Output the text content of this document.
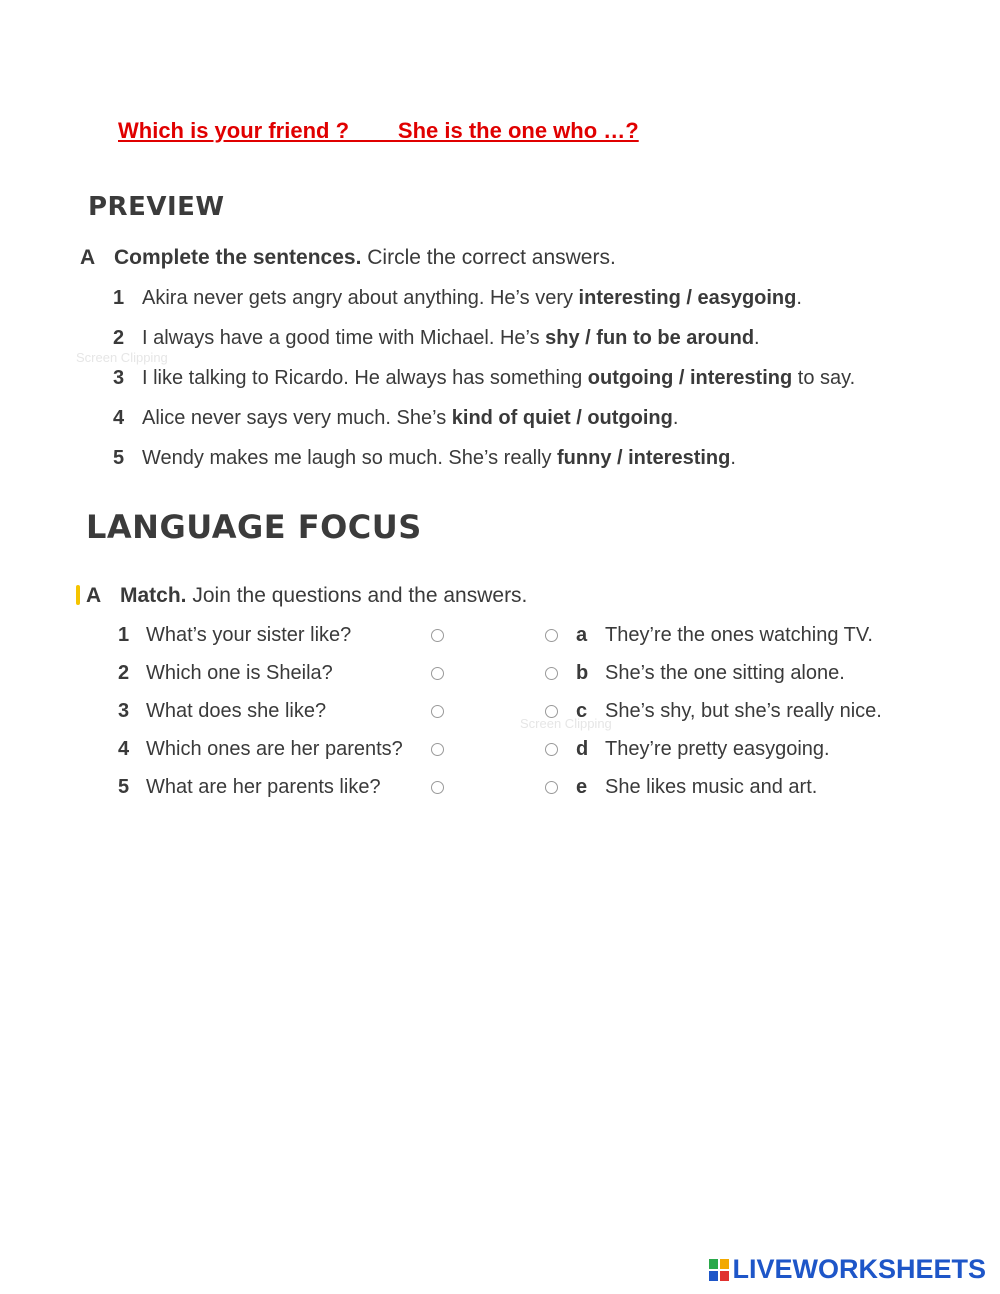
Which is your friend ?        She is the one who …?
PREVIEW
A Complete the sentences. Circle the correct answers.
1 Akira never gets angry about anything. He’s very interesting / easygoing.
2 I always have a good time with Michael. He’s shy / fun to be around.
Screen Clipping
3 I like talking to Ricardo. He always has something outgoing / interesting to say.
4 Alice never says very much. She’s kind of quiet / outgoing.
5 Wendy makes me laugh so much. She’s really funny / interesting.
LANGUAGE FOCUS
A Match. Join the questions and the answers.
1 What’s your sister like?	a They’re the ones watching TV.
2 Which one is Sheila?	b She’s the one sitting alone.
3 What does she like?	c She’s shy, but she’s really nice.
4 Which ones are her parents?	d They’re pretty easygoing.
5 What are her parents like?	e She likes music and art.
Screen Clipping
LIVEWORKSHEETS
